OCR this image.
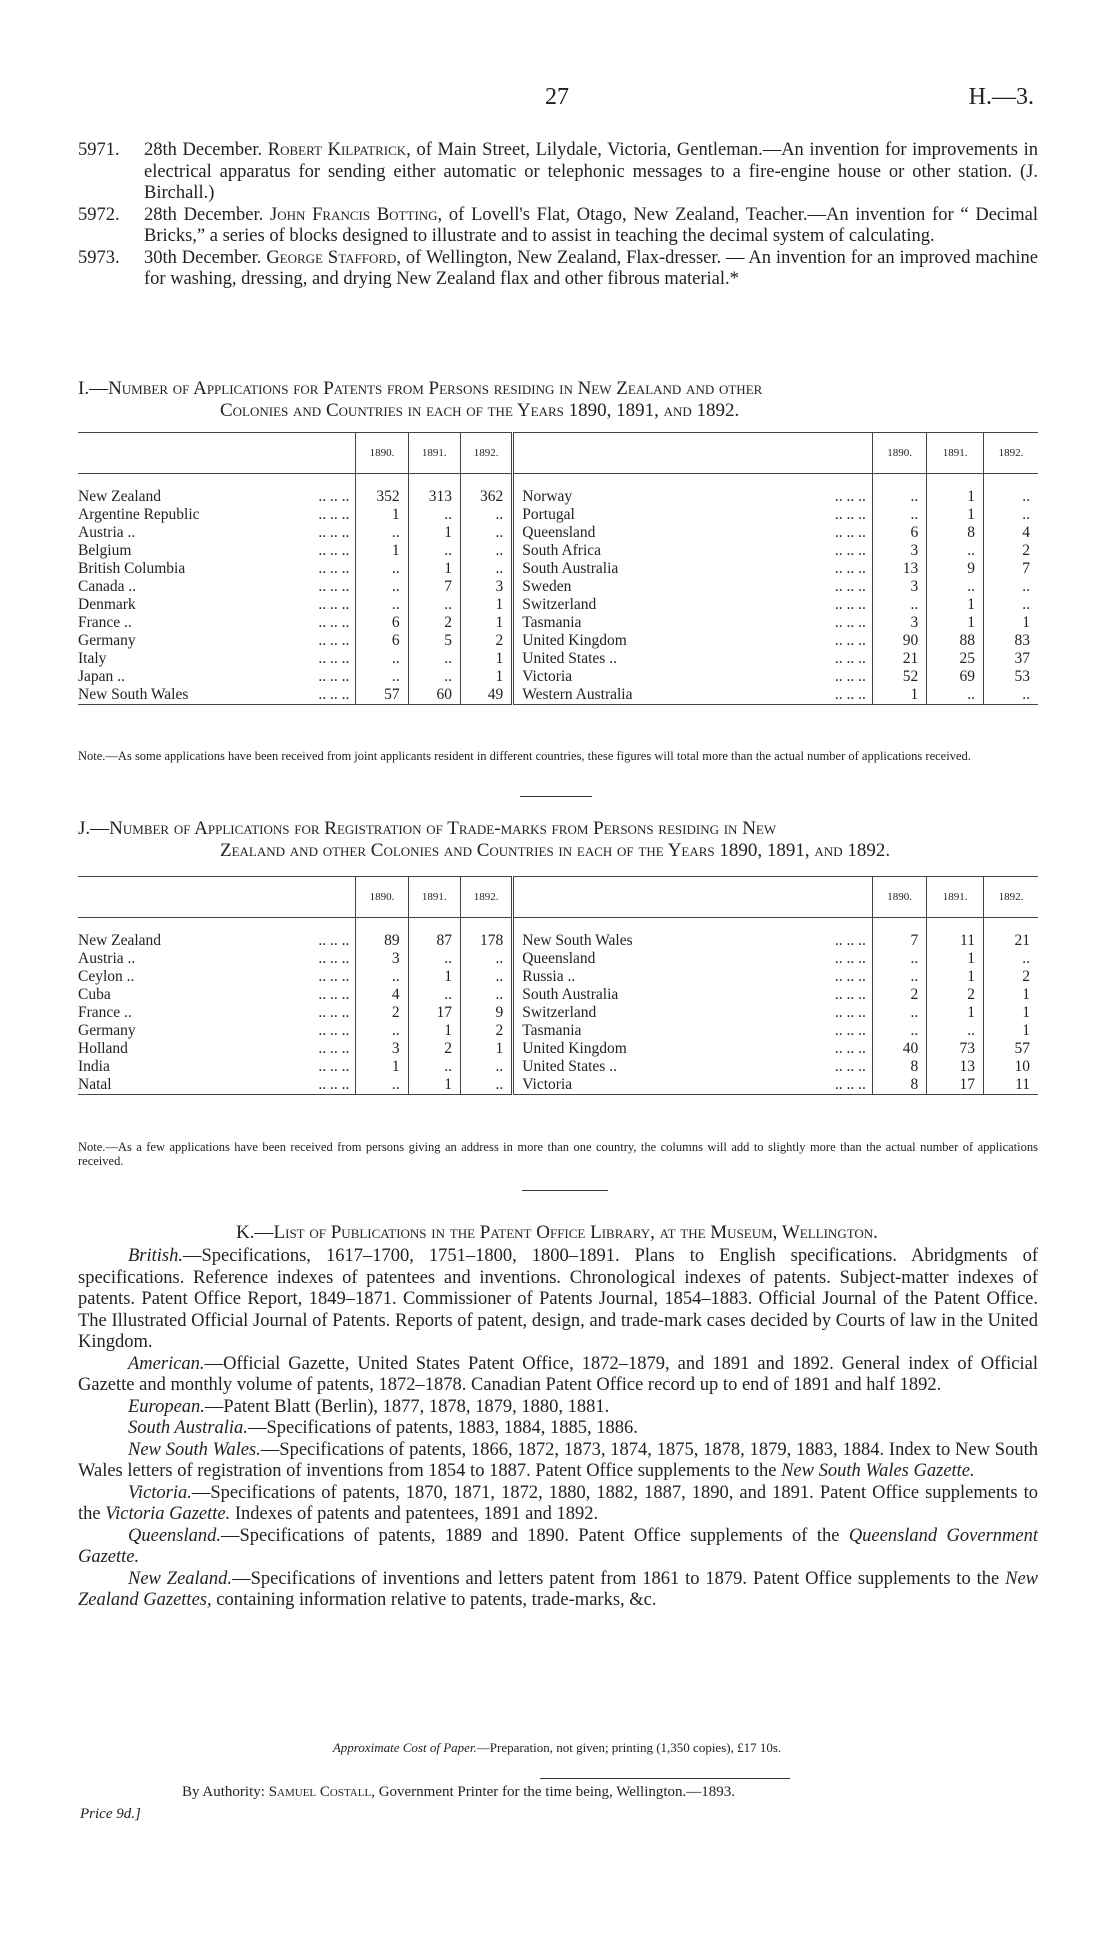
27	H.—3.
5971. 28th December. Robert Kilpatrick, of Main Street, Lilydale, Victoria, Gentleman.—An invention for improvements in electrical apparatus for sending either automatic or telephonic messages to a fire-engine house or other station. (J. Birchall.)
5972. 28th December. John Francis Botting, of Lovell's Flat, Otago, New Zealand, Teacher.—An invention for “ Decimal Bricks,” a series of blocks designed to illustrate and to assist in teaching the decimal system of calculating.
5973. 30th December. George Stafford, of Wellington, New Zealand, Flax-dresser. — An invention for an improved machine for washing, dressing, and drying New Zealand flax and other fibrous material.*
I.—Number of Applications for Patents from Persons residing in New Zealand and other
Colonies and Countries in each of the Years 1890, 1891, and 1892.
	1890.	1891.	1892.		1890.	1891.	1892.

New Zealand .. .. ..	352	313	362	Norway .. .. ..	..	1	..
Argentine Republic .. .. ..	1	..	..	Portugal .. .. ..	..	1	..
Austria .. .. .. ..	..	1	..	Queensland .. .. ..	6	8	4
Belgium .. .. ..	1	..	..	South Africa .. .. ..	3	..	2
British Columbia .. .. ..	..	1	..	South Australia .. .. ..	13	9	7
Canada .. .. .. ..	..	7	3	Sweden .. .. ..	3	..	..
Denmark .. .. ..	..	..	1	Switzerland .. .. ..	..	1	..
France .. .. .. ..	6	2	1	Tasmania .. .. ..	3	1	1
Germany .. .. ..	6	5	2	United Kingdom .. .. ..	90	88	83
Italy .. .. ..	..	..	1	United States .. .. .. ..	21	25	37
Japan .. .. .. ..	..	..	1	Victoria .. .. ..	52	69	53
New South Wales .. .. ..	57	60	49	Western Australia .. .. ..	1	..	..
Note.—As some applications have been received from joint applicants resident in different countries, these figures will total more than the actual number of applications received.
J.—Number of Applications for Registration of Trade-marks from Persons residing in New
Zealand and other Colonies and Countries in each of the Years 1890, 1891, and 1892.
	1890.	1891.	1892.		1890.	1891.	1892.

New Zealand .. .. ..	89	87	178	New South Wales .. .. ..	7	11	21
Austria .. .. .. ..	3	..	..	Queensland .. .. ..	..	1	..
Ceylon .. .. .. ..	..	1	..	Russia .. .. .. ..	..	1	2
Cuba .. .. ..	4	..	..	South Australia .. .. ..	2	2	1
France .. .. .. ..	2	17	9	Switzerland .. .. ..	..	1	1
Germany .. .. ..	..	1	2	Tasmania .. .. ..	..	..	1
Holland .. .. ..	3	2	1	United Kingdom .. .. ..	40	73	57
India .. .. ..	1	..	..	United States .. .. .. ..	8	13	10
Natal .. .. ..	..	1	..	Victoria .. .. ..	8	17	11
Note.—As a few applications have been received from persons giving an address in more than one country, the columns will add to slightly more than the actual number of applications received.
K.—List of Publications in the Patent Office Library, at the Museum, Wellington.

British.—Specifications, 1617–1700, 1751–1800, 1800–1891. Plans to English specifications. Abridgments of specifications. Reference indexes of patentees and inventions. Chronological indexes of patents. Subject-matter indexes of patents. Patent Office Report, 1849–1871. Commissioner of Patents Journal, 1854–1883. Official Journal of the Patent Office. The Illustrated Official Journal of Patents. Reports of patent, design, and trade-mark cases decided by Courts of law in the United Kingdom.

American.—Official Gazette, United States Patent Office, 1872–1879, and 1891 and 1892. General index of Official Gazette and monthly volume of patents, 1872–1878. Canadian Patent Office record up to end of 1891 and half 1892.

European.—Patent Blatt (Berlin), 1877, 1878, 1879, 1880, 1881.

South Australia.—Specifications of patents, 1883, 1884, 1885, 1886.

New South Wales.—Specifications of patents, 1866, 1872, 1873, 1874, 1875, 1878, 1879, 1883, 1884. Index to New South Wales letters of registration of inventions from 1854 to 1887. Patent Office supplements to the New South Wales Gazette.

Victoria.—Specifications of patents, 1870, 1871, 1872, 1880, 1882, 1887, 1890, and 1891. Patent Office supplements to the Victoria Gazette. Indexes of patents and patentees, 1891 and 1892.

Queensland.—Specifications of patents, 1889 and 1890. Patent Office supplements of the Queensland Government Gazette.

New Zealand.—Specifications of inventions and letters patent from 1861 to 1879. Patent Office supplements to the New Zealand Gazettes, containing information relative to patents, trade-marks, &c.

Approximate Cost of Paper.—Preparation, not given; printing (1,350 copies), £17 10s.
By Authority: Samuel Costall, Government Printer for the time being, Wellington.—1893.
Price 9d.]
